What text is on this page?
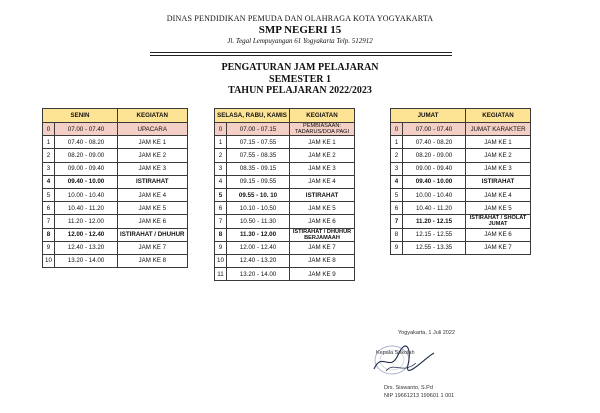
DINAS PENDIDIKAN PEMUDA DAN OLAHRAGA KOTA YOGYAKARTA
SMP NEGERI 15
Jl. Tegal Lempuyangan 61 Yogyakarta Telp. 512912
PENGATURAN JAM PELAJARAN
SEMESTER 1
TAHUN PELAJARAN 2022/2023
SENIN		KEGIATAN
0	07.00 - 07.40	UPACARA
1	07.40 - 08.20	JAM KE 1
2	08.20 - 09.00	JAM KE 2
3	09.00 - 09.40	JAM KE 3
4	09.40 - 10.00	ISTIRAHAT
5	10.00 - 10.40	JAM KE 4
6	10.40 - 11.20	JAM KE 5
7	11.20 - 12.00	JAM KE 6
8	12.00 - 12.40	ISTIRAHAT / DHUHUR
9	12.40 - 13.20	JAM KE 7
10	13.20 - 14.00	JAM KE 8
SELASA, RABU, KAMIS		KEGIATAN
0	07.00 - 07.15	PEMBIASAAN: TADARUS/DOA PAGI
1	07.15 - 07.55	JAM KE 1
2	07.55 - 08.35	JAM KE 2
3	08.35 - 09.15	JAM KE 3
4	09.15 - 09.55	JAM KE 4
5	09.55 - 10. 10	ISTIRAHAT
6	10.10 - 10.50	JAM KE 5
7	10.50 - 11.30	JAM KE 6
8	11.30 - 12.00	ISTIRAHAT / DHUHUR BERJAMAAH
9	12.00 - 12.40	JAM KE 7
10	12.40 - 13.20	JAM KE 8
11	13.20 - 14.00	JAM KE 9
JUMAT		KEGIATAN
0	07.00 - 07.40	JUMAT KARAKTER
1	07.40 - 08.20	JAM KE 1
2	08.20 - 09.00	JAM KE 2
3	09.00 - 09.40	JAM KE 3
4	09.40 - 10.00	ISTIRAHAT
5	10.00 - 10.40	JAM KE 4
6	10.40 - 11.20	JAM KE 5
7	11.20 - 12.15	ISTIRAHAT / SHOLAT JUMAT
8	12.15 - 12.55	JAM KE 6
9	12.55 - 13.35	JAM KE 7
Yogyakarta, 1 Juli 2022
Kepala Sekolah
Drs. Siswanto, S.Pd
NIP 19661213 199601 1 001
